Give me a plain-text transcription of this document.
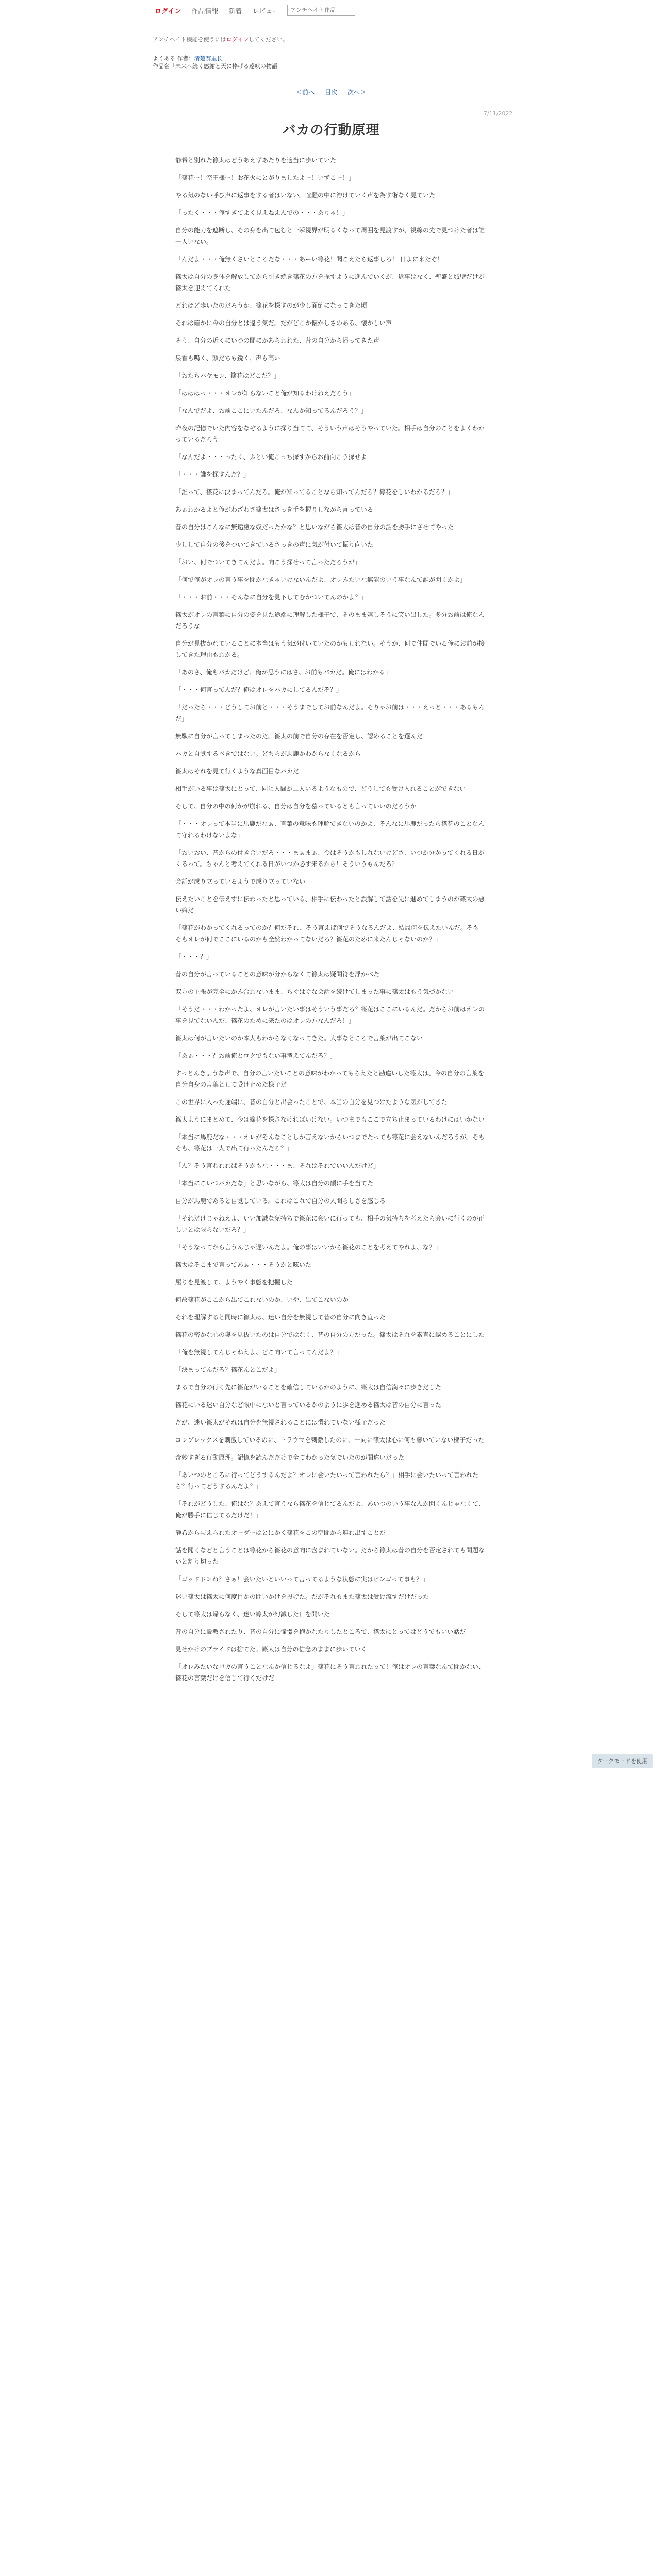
ログイン	作品情報	新着	レビュー
アンチヘイト作品
アンチヘイト機能を使うにはログインしてください。
よくある 作者：清楚赛里长
作品名「未来へ続く感謝と天に捧げる遠吠の物語」
＜前へ 目次 次へ＞
7/11/2022
バカの行動原理

静希と別れた篠太はどうあえずあたりを適当に歩いていた

「篠花ー！空王様ー！お花火にとがりましたよー！いずこー！」

やる気のない呼び声に返事をする者はいない。喧騒の中に溶けていく声を為す術なく見ていた

「ったく・・・俺すぎてよく見えねえんでの・・・ありゃ！」

自分の能力を遮断し、その身を出て包むと一瞬視界が明るくなって周囲を見渡すが、視線の先で見つけた者は誰一人いない。

「んだよ・・・俺無くさいところだな・・・あーい篠花！聞こえたら返事しろ！ 日よに来たぞ！」

篠太は自分の身体を解放してから引き続き篠花の方を探すように進んでいくが、返事はなく、聖盛と城壁だけが篠太を迎えてくれた

どれほど歩いたのだろうか、篠花を探すのが少し面倒になってきた頃

それは確かに今の自分とは違う気だ。だがどこか懐かしさのある、懐かしい声

そう、自分の近くにいつの間にかあらわれた、昔の自分から帰ってきた声

泉香も嗚く、頭だちも鋭く、声も高い

「おたちバヤモン、篠花はどこだ？」

「はははっ・・・オレが知らないこと俺が知るわけねえだろう」

「なんでだよ、お前ここにいたんだろ、なんか知ってるんだろう？」

昨夜の記憶でいた内容をなぞるように探り当てて、そういう声はそうやっていた。相手は自分のことをよくわかっているだろう

「なんだよ・・・ったく、ふとい俺こっち探すからお前向こう探せよ」

「・・・誰を探すんだ？」

「誰って、篠花に決まってんだろ。俺が知ってることなら知ってんだろ？篠花をしいわかるだろ？」

あぁわかるよと俺がわざわざ篠太はさっき手を握りしながら言っている

昔の自分はこんなに無遠慮な奴だったかな？と思いながら篠太は昔の自分の話を勝手にさせてやった

少しして自分の後をついてきているさっきの声に気が付いて振り向いた

「おい、何でついてきてんだよ。向こう探せって言っただろうが」

「何で俺がオレの言う事を聞かなきゃいけないんだよ、オレみたいな無能のいう事なんて誰が聞くかよ」

「・・・お前・・・そんなに自分を見下してむかついてんのかよ？」

篠太がオレの言葉に自分の姿を見た途端に理解した様子で、そのまま嬉しそうに笑い出した。多分お前は俺なんだろうな

自分が見抜かれていることに本当はもう気が付いていたのかもしれない。そうか、何で仲間でいる俺にお前が接してきた理由もわかる。

「あのさ、俺もバカだけど、俺が思うにはさ、お前もバカだ。俺にはわかる」

「・・・何言ってんだ？俺はオレをバカにしてるんだぞ？」

「だったら・・・どうしてお前と・・・そうまでしてお前なんだよ。そりゃお前は・・・えっと・・・あるもんだ」

無駄に自分が言ってしまったのだ。篠太の前で自分の存在を否定し、認めることを選んだ

バカと自覚するべきではない。どちらが馬鹿かわからなくなるから

篠太はそれを見て行くような真面目なバカだ

相手がいる事は篠太にとって、同じ人間が二人いるようなもので、どうしても受け入れることができない

そして、自分の中の何かが崩れる、自分は自分を慕っているとも言っていいのだろうか

「・・・オレって本当に馬鹿だなぁ、言葉の意味も理解できないのかよ、そんなに馬鹿だったら篠花のことなんて守れるわけないよな」

「おいおい、昔からの付き合いだろ・・・まぁまぁ、今はそうかもしれないけどさ、いつか分かってくれる日がくるって。ちゃんと考えてくれる日がいつか必ず来るから！そういうもんだろ？」

会話が成り立っているようで成り立っていない

伝えたいことを伝えずに伝わったと思っている、相手に伝わったと誤解して話を先に進めてしまうのが篠太の悪い癖だ

「篠花がわかってくれるってのか？何だそれ、そう言えば何でそうなるんだよ、結局何を伝えたいんだ。そもそもオレが何でここにいるのかも全然わかってないだろ？篠花のために来たんじゃないのか？」

「・・・？」

昔の自分が言っていることの意味が分からなくて篠太は疑問符を浮かべた

双方の主張が完全にかみ合わないまま、ちぐはぐな会話を続けてしまった事に篠太はもう気づかない

「そうだ・・・わかったよ、オレが言いたい事はそういう事だろ？篠花はここにいるんだ。だからお前はオレの事を見てないんだ、篠花のために来たのはオレの方なんだろ！」

篠太は何が言いたいのか本人もわからなくなってきた。大事なところで言葉が出てこない

「あぁ・・・？お前俺とロクでもない事考えてんだろ？」

すっとんきょうな声で、自分の言いたいことの意味がわかってもらえたと勘違いした篠太は、今の自分の言葉を自分自身の言葉として受け止めた様子だ

この世界に入った途端に、昔の自分と出会ったことで、本当の自分を見つけたような気がしてきた

篠太ようにまとめて、今は篠花を探さなければいけない。いつまでもここで立ち止まっているわけにはいかない

「本当に馬鹿だな・・・オレがそんなことしか言えないからいつまでたっても篠花に会えないんだろうが。そもそも、篠花は一人で出て行ったんだろ？」

「ん？そう言われればそうかもな・・・ま、それはそれでいいんだけど」

「本当にこいつバカだな」と思いながら、篠太は自分の額に手を当てた

自分が馬鹿であると自覚している。これはこれで自分の人間らしさを感じる

「それだけじゃねえよ、いい加減な気持ちで篠花に会いに行っても、相手の気持ちを考えたら会いに行くのが正しいとは限らないだろ？」

「そうなってから言うんじゃ遅いんだよ。俺の事はいいから篠花のことを考えてやれよ、な？」

篠太はそこまで言ってあぁ・・・そうかと呟いた

屈りを見渡して、ようやく事態を把握した

何故篠花がここから出てこれないのか、いや、出てこないのか

それを理解すると同時に篠太は、迷い自分を無視して昔の自分に向き直った

篠花の密かな心の奥を見抜いたのは自分ではなく、昔の自分の方だった。篠太はそれを素直に認めることにした

「俺を無視してんじゃねえよ、どこ向いて言ってんだよ？」

「決まってんだろ？篠花んとこだよ」

まるで自分の行く先に篠花がいることを確信しているかのように、篠太は自信満々に歩きだした

篠花にいる迷い自分など眼中にないと言っているかのように歩を進める篠太は昔の自分に言った

だが、迷い篠太がそれは自分を無視されることには慣れていない様子だった

コンプレックスを刺激しているのに、トラウマを刺激したのに、一向に篠太は心に何も響いていない様子だった

奇妙すぎる行動原理。記憶を読んだだけで全てわかった気でいたのが間違いだった

「あいつのところに行ってどうするんだよ？オレに会いたいって言われたら？」相手に会いたいって言われたら？行ってどうするんだよ？」

「それがどうした、俺はな？あえて言うなら篠花を信じてるんだよ、あいつのいう事なんか聞くんじゃなくて、俺が勝手に信じてるだけだ！」

静希から与えられたオーダーはとにかく篠花をこの空間から連れ出すことだ

話を聞くなどと言うことは篠花から篠花の意向に含まれていない。だから篠太は昔の自分を否定されても問題ないと割り切った

「ゴッドドンね？さぁ！会いたいといいって言ってるような状態に実はビンゴって事も？」

迷い篠太は篠太に何度目かの問いかけを投げた。だがそれもまた篠太は受け流すだけだった

そして篠太は帰らなく、迷い篠太が幻滅した口を開いた

昔の自分に説教されたり、昔の自分に憧憬を抱かれたりしたところで、篠太にとってはどうでもいい話だ

見せかけのプライドは捨てた。篠太は自分の信念のままに歩いていく

「オレみたいなバカの言うことなんか信じるなよ」篠花にそう言われたって！俺はオレの言葉なんて聞かない、篠花の言葉だけを信じて行くだけだ

ダークモードを使用
